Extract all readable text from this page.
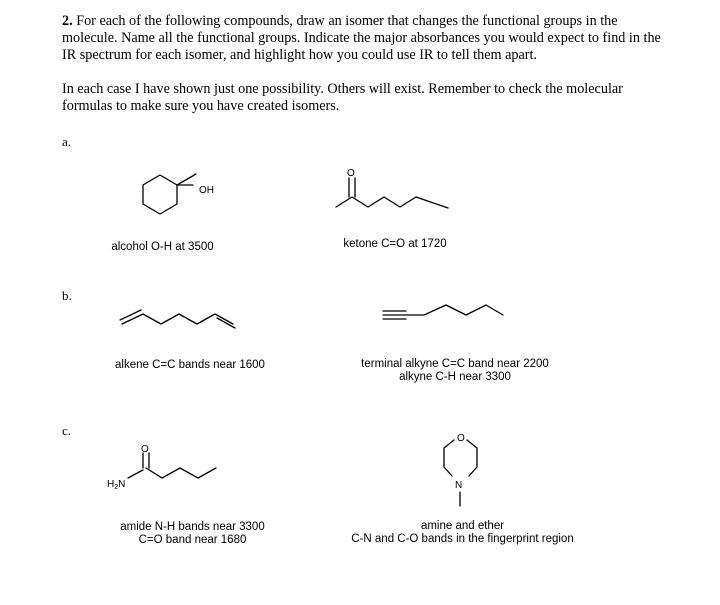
2. For each of the following compounds, draw an isomer that changes the functional groups in the molecule. Name all the functional groups. Indicate the major absorbances you would expect to find in the IR spectrum for each isomer, and highlight how you could use IR to tell them apart.
In each case I have shown just one possibility. Others will exist. Remember to check the molecular formulas to make sure you have created isomers.
a.
b.
c.
OH
O
O
$H_2N$
O
N
alcohol O-H at 3500	ketone C=O at 1720
alkene C=C bands near 1600	terminal alkyne C=C band near 2200
alkyne C-H near 3300
amide N-H bands near 3300
C=O band near 1680
amine and ether
C-N and C-O bands in the fingerprint region
